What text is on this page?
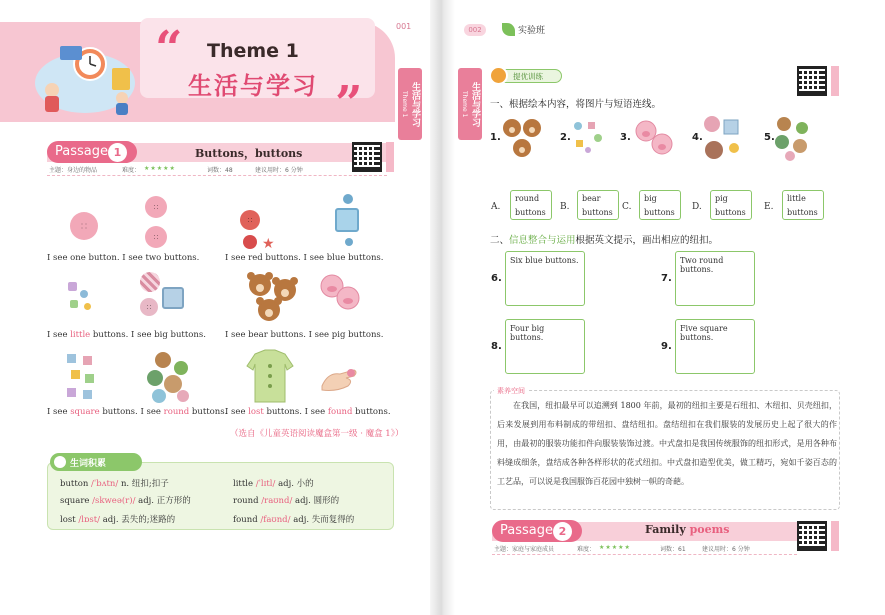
001
“
”
Theme 1
生活与学习	生活与学习 Theme 1
Passage 1	Buttons，buttons
主题：身边的物品	难度： ★★★★★	词数：48	建议用时：6 分钟
★
I see one button. I see two buttons.	I see red buttons. I see blue buttons.
I see little buttons. I see big buttons. I see bear buttons. I see pig buttons.
I see square buttons. I see round buttons.
I see lost buttons. I see found buttons.
（选自《儿童英语阅读魔盒第一级 · 魔盒 1》）
生词积累
button /ˈbʌtn/ n. 纽扣;扣子	little /ˈlɪtl/ adj. 小的
square /skweə(r)/ adj. 正方形的	round /raʊnd/ adj. 圆形的
lost /lɒst/ adj. 丢失的;迷路的	found /faʊnd/ adj. 失而复得的
002	实验班
生活与学习 Theme 1
提优训练
一、根据绘本内容，将图片与短语连线。
1.	2.	3.	4.	5.
A.
round
buttons
B.
bear
buttons
C.
big
buttons
D.
pig
buttons
E.
little
buttons
二、信息整合与运用根据英文提示，画出相应的纽扣。
6.
Six blue buttons.
7.
Two round buttons.
8.
Four big buttons.
9.
Five square buttons.
素养空间
在我国，纽扣最早可以追溯到 1800 年前，最初的纽扣主要是石纽扣、木纽扣、贝壳纽扣，后来发展到用布料制成的带纽扣、盘结纽扣。盘结纽扣在我们服装的发展历史上起了很大的作用，由最初的服装功能扣件向服装装饰过渡。中式盘扣是我国传统服饰的纽扣形式，是用各种布料缝成细条，盘结成各种各样形状的花式纽扣。中式盘扣造型优美，做工精巧，宛如千姿百态的工艺品，可以说是我国服饰百花园中独树一帜的奇葩。
Passage 2	Family poems
主题：家庭与家庭成员	难度： ★★★★★	词数：61	建议用时：6 分钟
